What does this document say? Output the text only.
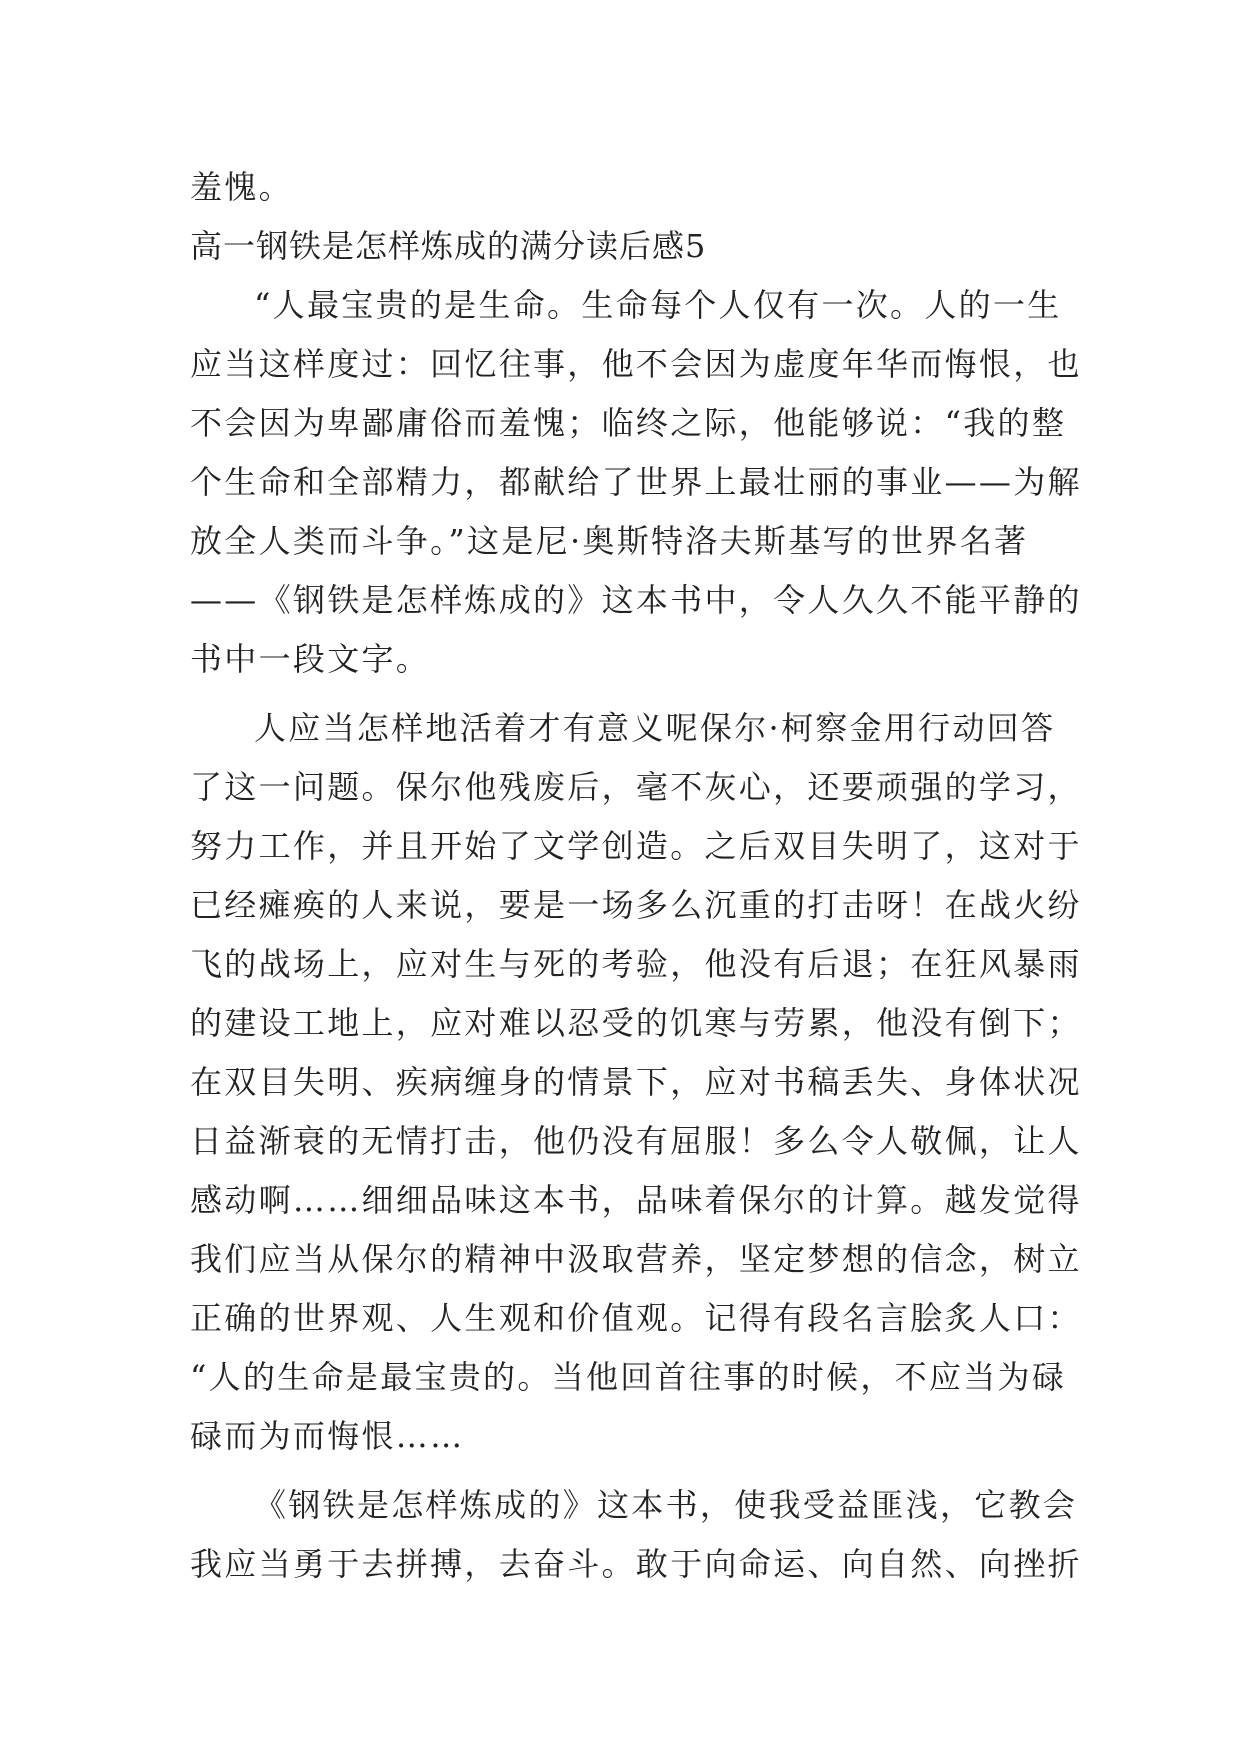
羞愧。
高一钢铁是怎样炼成的满分读后感5
“人最宝贵的是生命。生命每个人仅有一次。人的一生
应当这样度过：回忆往事，他不会因为虚度年华而悔恨，也
不会因为卑鄙庸俗而羞愧；临终之际，他能够说：“我的整
个生命和全部精力，都献给了世界上最壮丽的事业——为解
放全人类而斗争。”这是尼·奥斯特洛夫斯基写的世界名著
——《钢铁是怎样炼成的》这本书中，令人久久不能平静的
书中一段文字。
人应当怎样地活着才有意义呢保尔·柯察金用行动回答
了这一问题。保尔他残废后，毫不灰心，还要顽强的学习，
努力工作，并且开始了文学创造。之后双目失明了，这对于
已经瘫痪的人来说，要是一场多么沉重的打击呀！在战火纷
飞的战场上，应对生与死的考验，他没有后退；在狂风暴雨
的建设工地上，应对难以忍受的饥寒与劳累，他没有倒下；
在双目失明、疾病缠身的情景下，应对书稿丢失、身体状况
日益渐衰的无情打击，他仍没有屈服！多么令人敬佩，让人
感动啊……细细品味这本书，品味着保尔的计算。越发觉得
我们应当从保尔的精神中汲取营养，坚定梦想的信念，树立
正确的世界观、人生观和价值观。记得有段名言脍炙人口：
“人的生命是最宝贵的。当他回首往事的时候，不应当为碌
碌而为而悔恨……
《钢铁是怎样炼成的》这本书，使我受益匪浅，它教会
我应当勇于去拼搏，去奋斗。敢于向命运、向自然、向挫折
